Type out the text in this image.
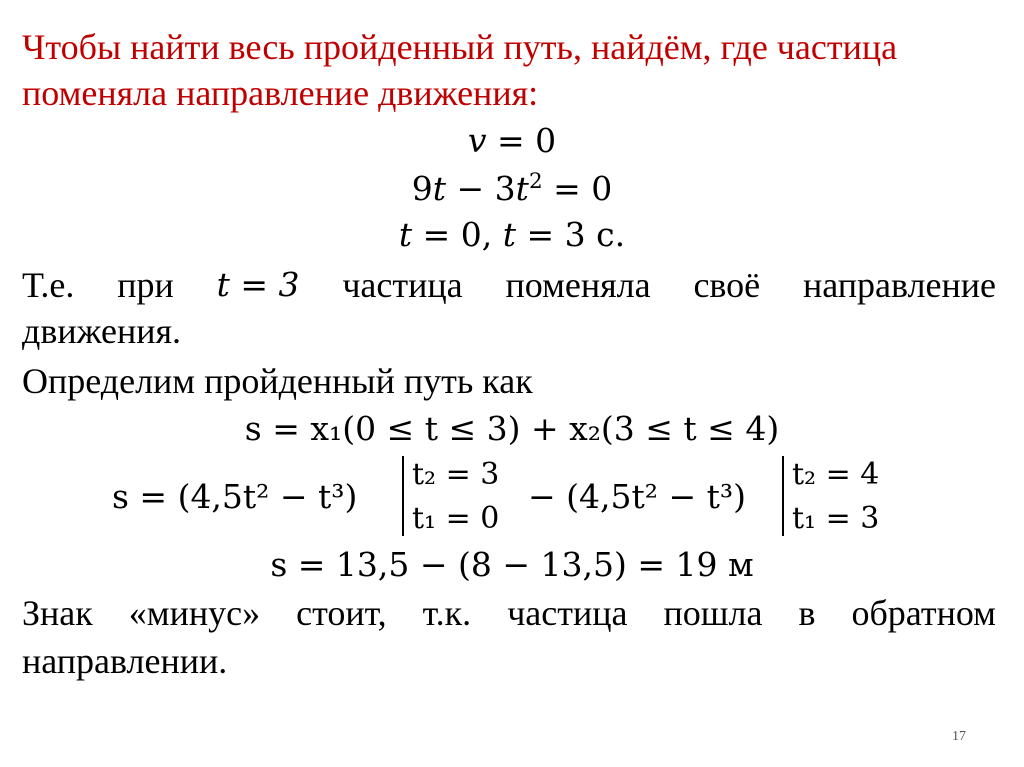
Чтобы найти весь пройденный путь, найдём, где частица
поменяла направление движения:
v = 0
$9t - 3t^2 = 0$
t = 0, t = 3 с.
Т.е. при t = 3 частица поменяла своё направление
движения.
Определим пройденный путь как
s = x₁(0 ≤ t ≤ 3) + x₂(3 ≤ t ≤ 4)
s = (4,5t² − t³)
t₂ = 3
t₁ = 0
− (4,5t² − t³)
t₂ = 4
t₁ = 3
s = 13,5 − (8 − 13,5) = 19 м
Знак «минус» стоит, т.к. частица пошла в обратном
направлении.
17
